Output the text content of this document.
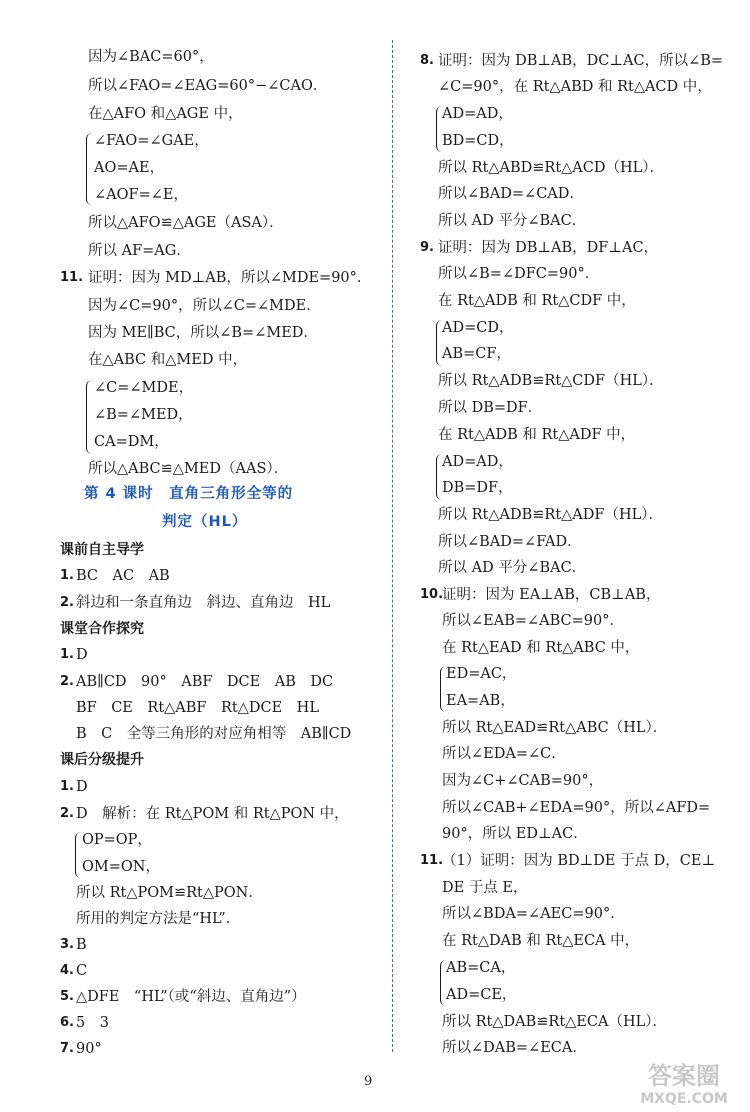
因为∠BAC=60°，
所以∠FAO=∠EAG=60°−∠CAO．
在△AFO 和△AGE 中，
∠FAO=∠GAE，
AO=AE，
∠AOF=∠E，
所以△AFO≌△AGE（ASA）．
所以 AF=AG．
11. 证明：因为 MD⊥AB，所以∠MDE=90°．
因为∠C=90°，所以∠C=∠MDE．
因为 ME∥BC，所以∠B=∠MED．
在△ABC 和△MED 中，
∠C=∠MDE，
∠B=∠MED，
CA=DM，
所以△ABC≌△MED（AAS）．
第 4 课时　直角三角形全等的
判定（HL）
课前自主导学
1. BC　AC　AB
2. 斜边和一条直角边　斜边、直角边　HL
课堂合作探究
1. D
2. AB∥CD　90°　ABF　DCE　AB　DC
BF　CE　Rt△ABF　Rt△DCE　HL
B　C　全等三角形的对应角相等　AB∥CD
课后分级提升
1. D
2. D　解析：在 Rt△POM 和 Rt△PON 中，
OP=OP，
OM=ON，
所以 Rt△POM≌Rt△PON．
所用的判定方法是“HL”．
3. B
4. C
5. △DFE　“HL”（或“斜边、直角边”）
6. 5　3
7. 90°
8. 证明：因为 DB⊥AB，DC⊥AC，所以∠B=
∠C=90°，在 Rt△ABD 和 Rt△ACD 中，
AD=AD，
BD=CD，
所以 Rt△ABD≌Rt△ACD（HL）．
所以∠BAD=∠CAD．
所以 AD 平分∠BAC．
9. 证明：因为 DB⊥AB，DF⊥AC，
所以∠B=∠DFC=90°．
在 Rt△ADB 和 Rt△CDF 中，
AD=CD，
AB=CF，
所以 Rt△ADB≌Rt△CDF（HL）．
所以 DB=DF．
在 Rt△ADB 和 Rt△ADF 中，
AD=AD，
DB=DF，
所以 Rt△ADB≌Rt△ADF（HL）．
所以∠BAD=∠FAD．
所以 AD 平分∠BAC．
10.
证明：因为 EA⊥AB，CB⊥AB，
所以∠EAB=∠ABC=90°．
在 Rt△EAD 和 Rt△ABC 中，
ED=AC，
EA=AB，
所以 Rt△EAD≌Rt△ABC（HL）．
所以∠EDA=∠C．
因为∠C+∠CAB=90°，
所以∠CAB+∠EDA=90°，所以∠AFD=
90°，所以 ED⊥AC．
11.
（1）证明：因为 BD⊥DE 于点 D，CE⊥
DE 于点 E，
所以∠BDA=∠AEC=90°．
在 Rt△DAB 和 Rt△ECA 中，
AB=CA，
AD=CE，
所以 Rt△DAB≌Rt△ECA（HL）．
所以∠DAB=∠ECA．
9	答案圈
MXQE.COM
